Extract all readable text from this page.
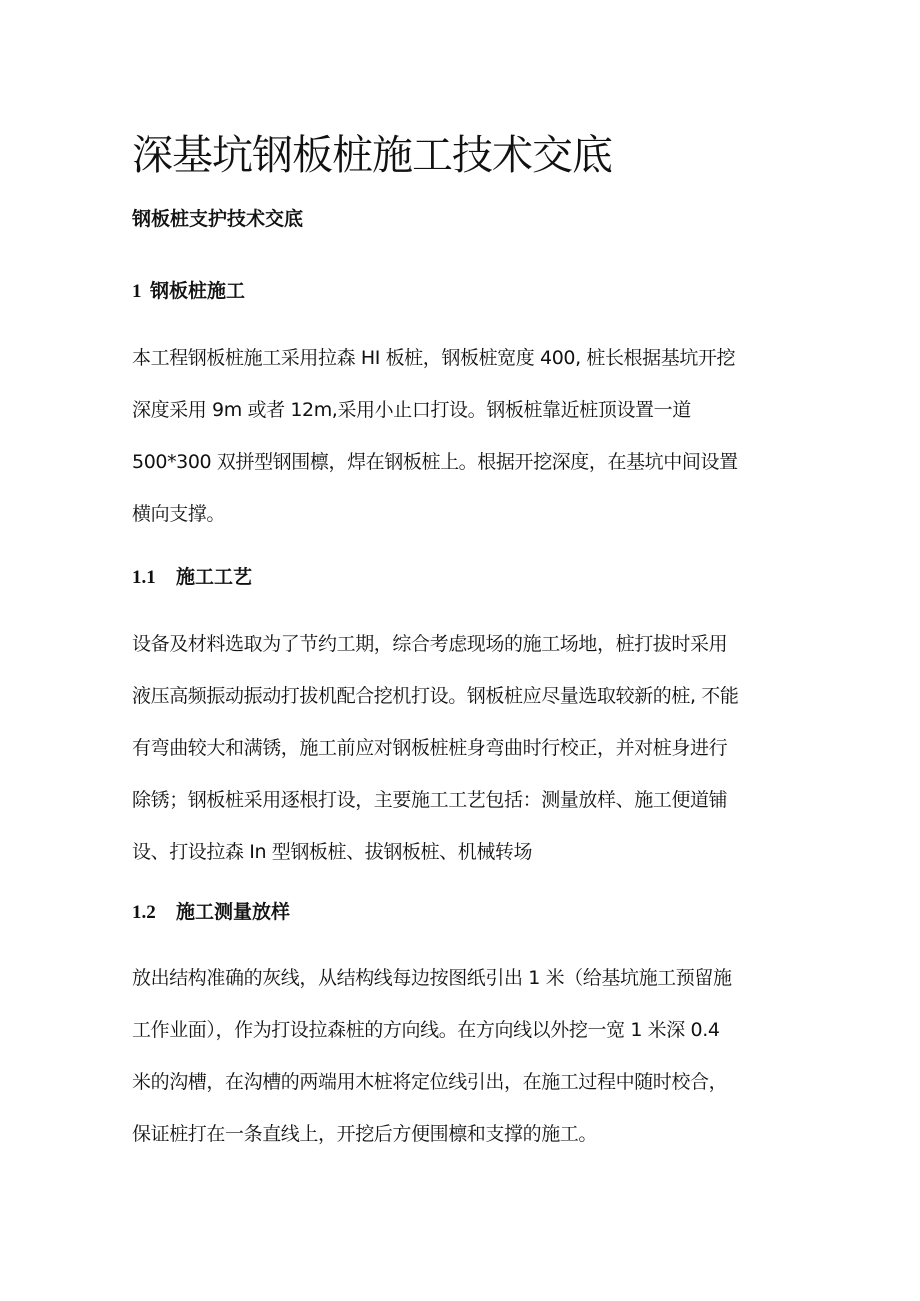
深基坑钢板桩施工技术交底
钢板桩支护技术交底
1 钢板桩施工
本工程钢板桩施工采用拉森 HI 板桩，钢板桩宽度 400, 桩长根据基坑开挖
深度采用 9m 或者 12m,采用小止口打设。钢板桩靠近桩顶设置一道
500*300 双拼型钢围檩，焊在钢板桩上。根据开挖深度，在基坑中间设置
横向支撑。
1.1 施工工艺
设备及材料选取为了节约工期，综合考虑现场的施工场地，桩打拔时采用
液压高频振动振动打拔机配合挖机打设。钢板桩应尽量选取较新的桩, 不能
有弯曲较大和满锈，施工前应对钢板桩桩身弯曲时行校正，并对桩身进行
除锈；钢板桩采用逐根打设，主要施工工艺包括：测量放样、施工便道铺
设、打设拉森 In 型钢板桩、拔钢板桩、机械转场
1.2 施工测量放样
放出结构准确的灰线，从结构线每边按图纸引出 1 米（给基坑施工预留施
工作业面），作为打设拉森桩的方向线。在方向线以外挖一宽 1 米深 0.4
米的沟槽，在沟槽的两端用木桩将定位线引出，在施工过程中随时校合，
保证桩打在一条直线上，开挖后方便围檩和支撑的施工。
